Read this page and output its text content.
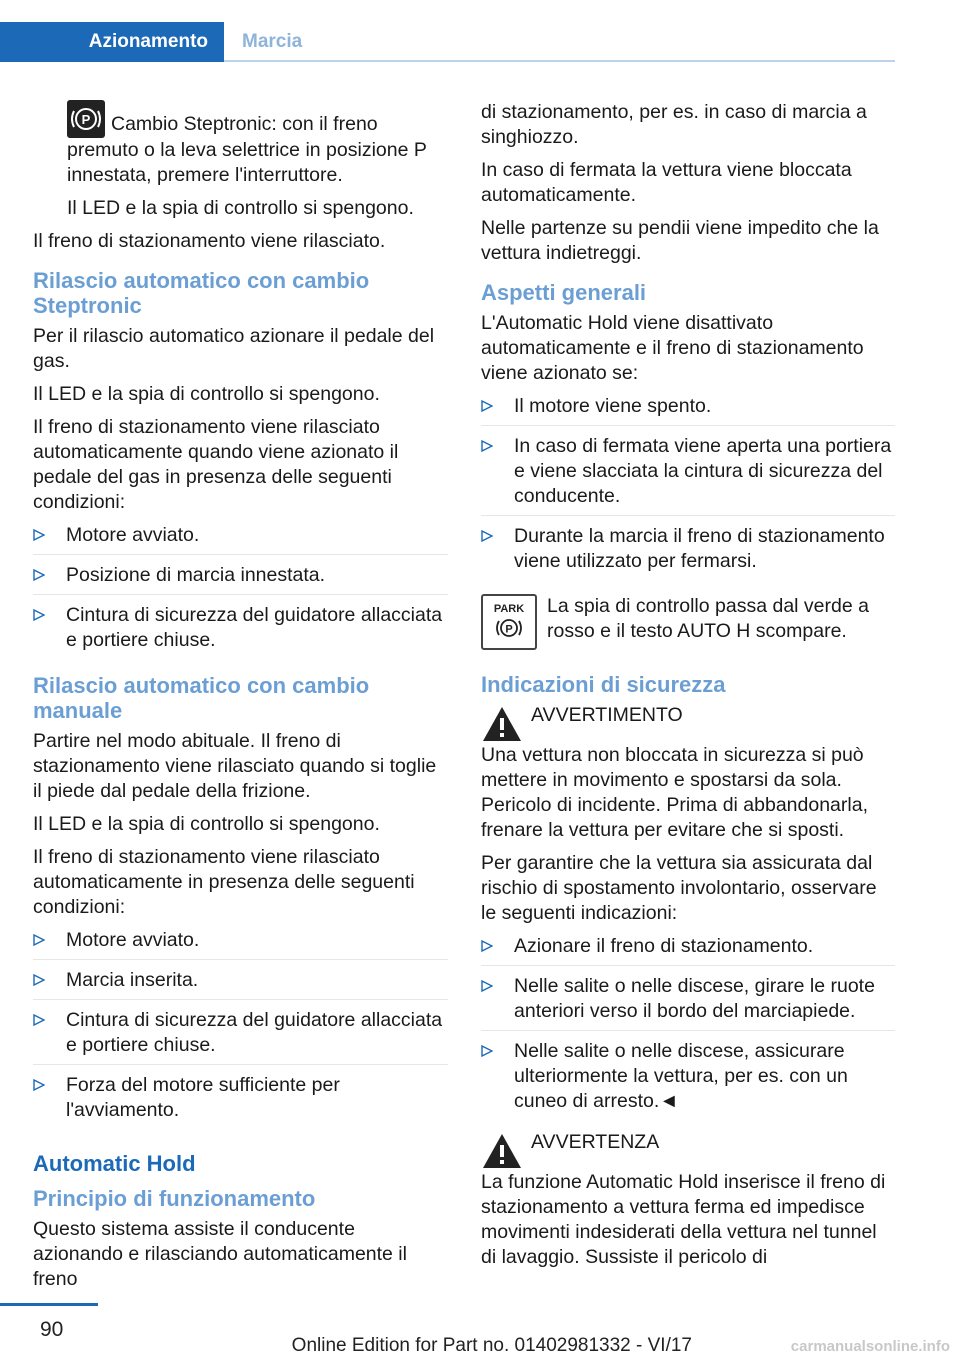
Azionamento	Marcia

P Cambio Steptronic: con il freno premuto o la leva selettrice in posizione P innestata, premere l'interruttore.

Il LED e la spia di controllo si spengono.

Il freno di stazionamento viene rilasciato.

Rilascio automatico con cambio Steptronic

Per il rilascio automatico azionare il pedale del gas.

Il LED e la spia di controllo si spengono.

Il freno di stazionamento viene rilasciato automaticamente quando viene azionato il pedale del gas in presenza delle seguenti condizioni:

Motore avviato.
Posizione di marcia innestata.
Cintura di sicurezza del guidatore allacciata e portiere chiuse.
Rilascio automatico con cambio manuale

Partire nel modo abituale. Il freno di stazionamento viene rilasciato quando si toglie il piede dal pedale della frizione.

Il LED e la spia di controllo si spengono.

Il freno di stazionamento viene rilasciato automaticamente in presenza delle seguenti condizioni:

Motore avviato.
Marcia inserita.
Cintura di sicurezza del guidatore allacciata e portiere chiuse.
Forza del motore sufficiente per l'avviamento.
Automatic Hold
Principio di funzionamento

Questo sistema assiste il conducente azionando e rilasciando automaticamente il freno

di stazionamento, per es. in caso di marcia a singhiozzo.

In caso di fermata la vettura viene bloccata automaticamente.

Nelle partenze su pendii viene impedito che la vettura indietreggi.

Aspetti generali

L'Automatic Hold viene disattivato automaticamente e il freno di stazionamento viene azionato se:

Il motore viene spento.
In caso di fermata viene aperta una portiera e viene slacciata la cintura di sicurezza del conducente.
Durante la marcia il freno di stazionamento viene utilizzato per fermarsi.
PARK
P
La spia di controllo passa dal verde a rosso e il testo AUTO H scompare.
Indicazioni di sicurezza
AVVERTIMENTO

Una vettura non bloccata in sicurezza si può mettere in movimento e spostarsi da sola. Pericolo di incidente. Prima di abbandonarla, frenare la vettura per evitare che si sposti.

Per garantire che la vettura sia assicurata dal rischio di spostamento involontario, osservare le seguenti indicazioni:

Azionare il freno di stazionamento.
Nelle salite o nelle discese, girare le ruote anteriori verso il bordo del marciapiede.
Nelle salite o nelle discese, assicurare ulteriormente la vettura, per es. con un cuneo di arresto.◄
AVVERTENZA

La funzione Automatic Hold inserisce il freno di stazionamento a vettura ferma ed impedisce movimenti indesiderati della vettura nel tunnel di lavaggio. Sussiste il pericolo di

90
Online Edition for Part no. 01402981332 - VI/17	carmanualsonline.info
